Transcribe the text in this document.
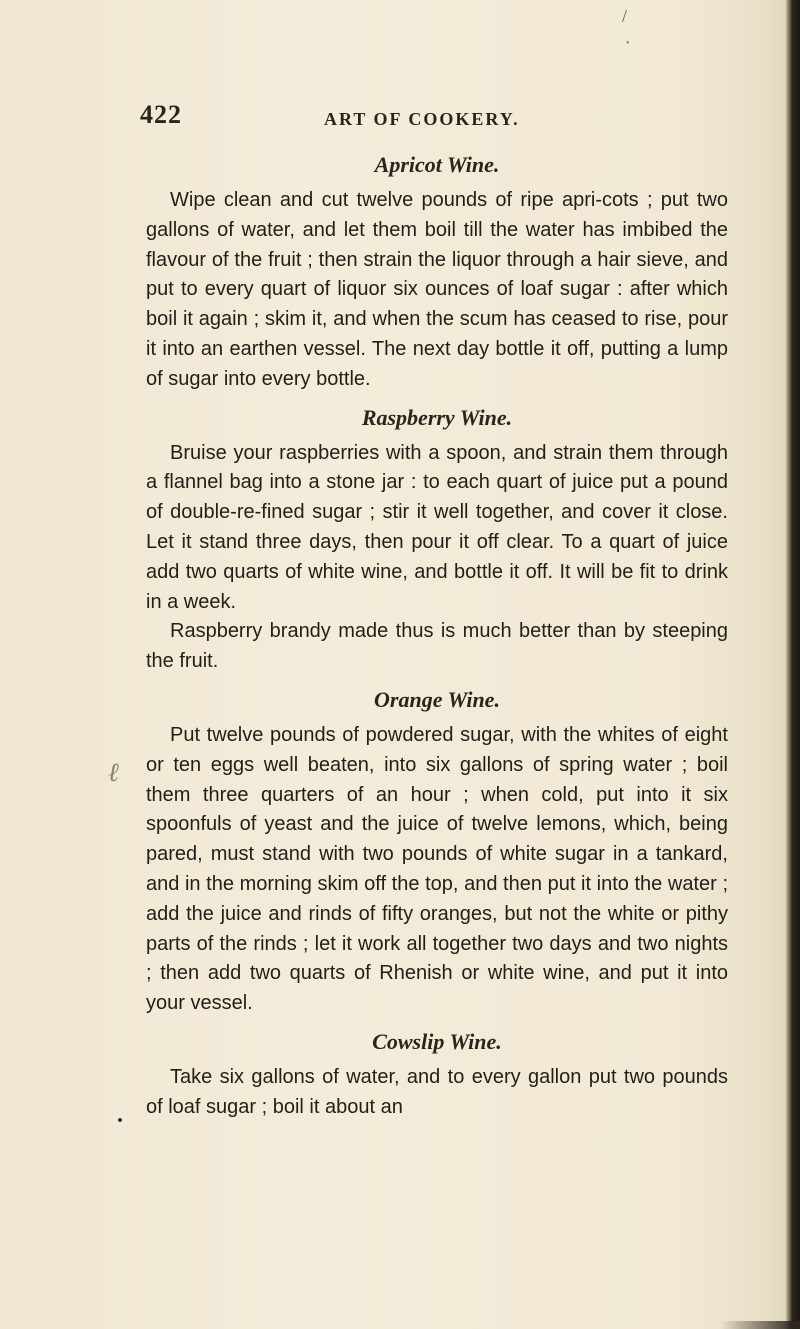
/
•
422	ART OF COOKERY.
ℓ
Apricot Wine.

Wipe clean and cut twelve pounds of ripe apri-cots ; put two gallons of water, and let them boil till the water has imbibed the flavour of the fruit ; then strain the liquor through a hair sieve, and put to every quart of liquor six ounces of loaf sugar : after which boil it again ; skim it, and when the scum has ceased to rise, pour it into an earthen vessel. The next day bottle it off, putting a lump of sugar into every bottle.

Raspberry Wine.

Bruise your raspberries with a spoon, and strain them through a flannel bag into a stone jar : to each quart of juice put a pound of double-re-fined sugar ; stir it well together, and cover it close. Let it stand three days, then pour it off clear. To a quart of juice add two quarts of white wine, and bottle it off. It will be fit to drink in a week.

Raspberry brandy made thus is much better than by steeping the fruit.

Orange Wine.

Put twelve pounds of powdered sugar, with the whites of eight or ten eggs well beaten, into six gallons of spring water ; boil them three quarters of an hour ; when cold, put into it six spoonfuls of yeast and the juice of twelve lemons, which, being pared, must stand with two pounds of white sugar in a tankard, and in the morning skim off the top, and then put it into the water ; add the juice and rinds of fifty oranges, but not the white or pithy parts of the rinds ; let it work all together two days and two nights ; then add two quarts of Rhenish or white wine, and put it into your vessel.

Cowslip Wine.

Take six gallons of water, and to every gallon put two pounds of loaf sugar ; boil it about an
